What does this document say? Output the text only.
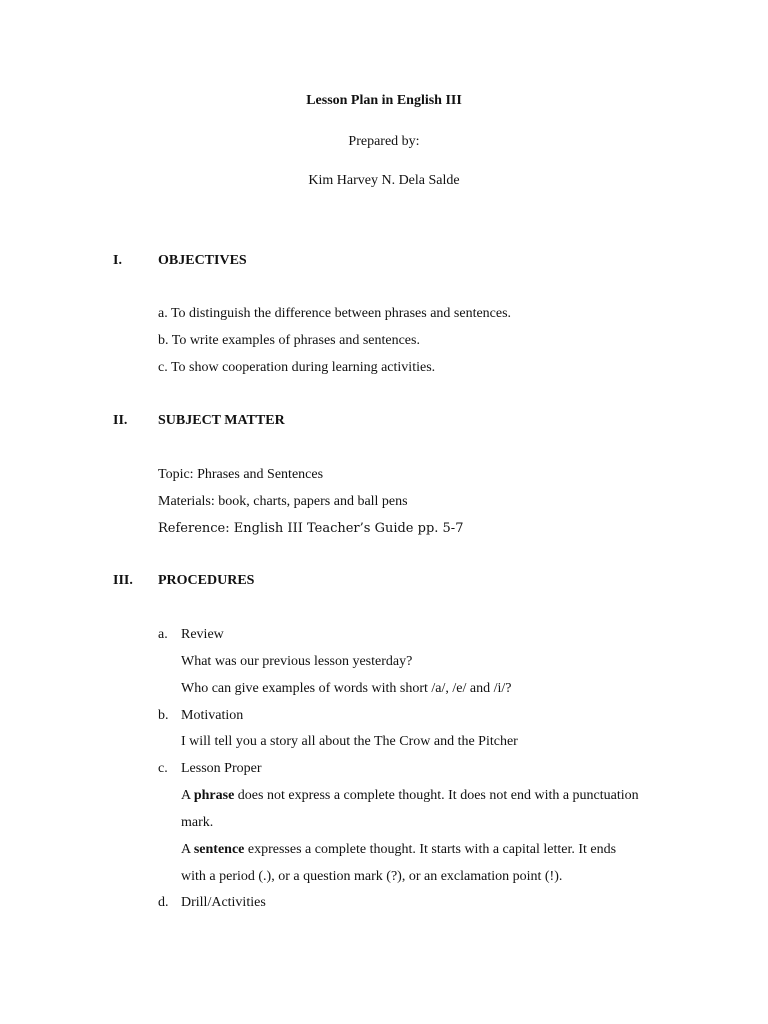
Lesson Plan in English III
Prepared by:
Kim Harvey N. Dela Salde
I.	OBJECTIVES
a. To distinguish the difference between phrases and sentences.
b. To write examples of phrases and sentences.
c. To show cooperation during learning activities.
II. SUBJECT MATTER
Topic: Phrases and Sentences
Materials: book, charts, papers and ball pens
Reference: English III Teacher’s Guide pp. 5-7
III. PROCEDURES
a. Review
What was our previous lesson yesterday?
Who can give examples of words with short /a/, /e/ and /i/?
b. Motivation
I will tell you a story all about the The Crow and the Pitcher
c. Lesson Proper
A phrase does not express a complete thought. It does not end with a punctuation
mark.
A sentence expresses a complete thought. It starts with a capital letter. It ends
with a period (.), or a question mark (?), or an exclamation point (!).
d. Drill/Activities
